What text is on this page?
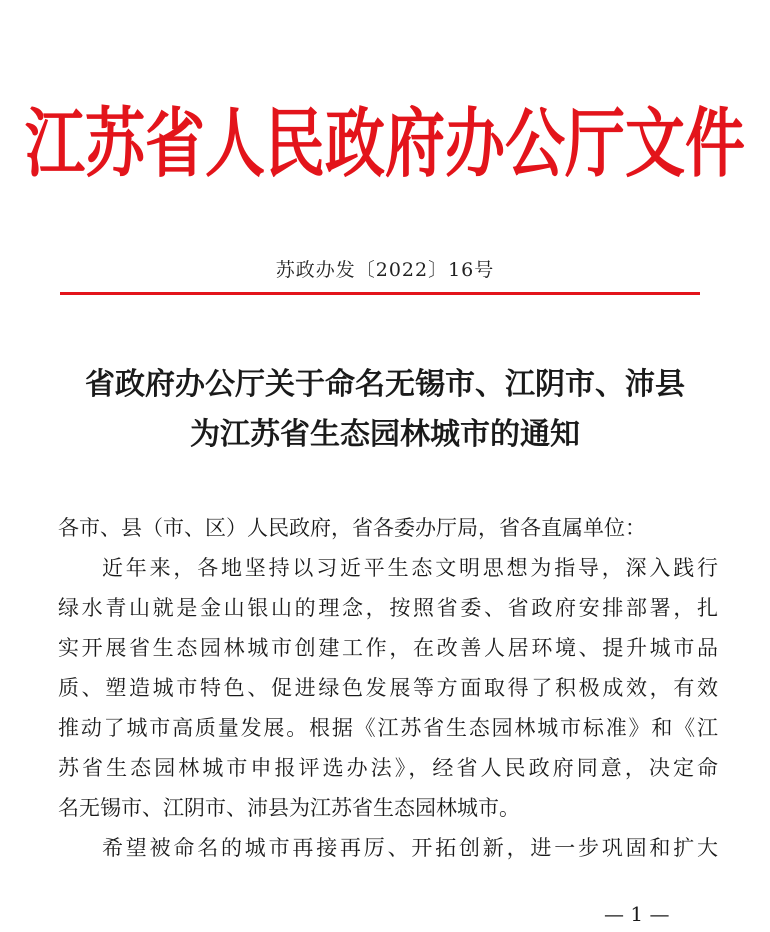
江苏省人民政府办公厅文件
苏政办发〔2022〕16号
省政府办公厅关于命名无锡市、江阴市、沛县
为江苏省生态园林城市的通知
各市、县（市、区）人民政府，省各委办厅局，省各直属单位：
近年来，各地坚持以习近平生态文明思想为指导，深入践行
绿水青山就是金山银山的理念，按照省委、省政府安排部署，扎
实开展省生态园林城市创建工作，在改善人居环境、提升城市品
质、塑造城市特色、促进绿色发展等方面取得了积极成效，有效
推动了城市高质量发展。根据《江苏省生态园林城市标准》和《江
苏省生态园林城市申报评选办法》，经省人民政府同意，决定命
名无锡市、江阴市、沛县为江苏省生态园林城市。
希望被命名的城市再接再厉、开拓创新，进一步巩固和扩大
— 1 —
